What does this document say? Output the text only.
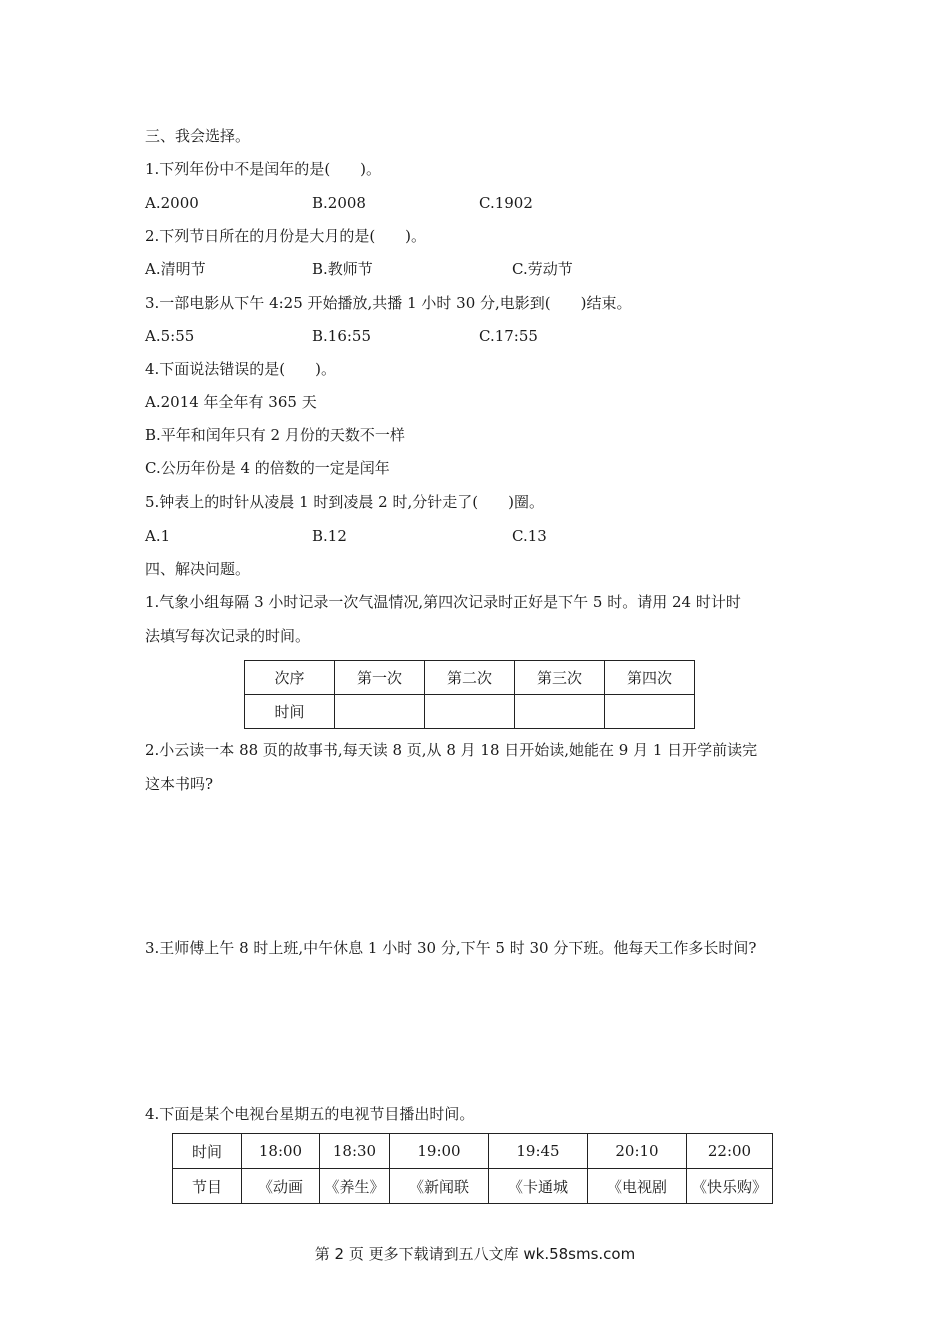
三、我会选择。
1.下列年份中不是闰年的是(　　)。
A.2000	B.2008	C.1902
2.下列节日所在的月份是大月的是(　　)。
A.清明节	B.教师节	C.劳动节
3.一部电影从下午 4:25 开始播放,共播 1 小时 30 分,电影到(　　)结束。
A.5:55	B.16:55	C.17:55
4.下面说法错误的是(　　)。
A.2014 年全年有 365 天
B.平年和闰年只有 2 月份的天数不一样
C.公历年份是 4 的倍数的一定是闰年
5.钟表上的时针从凌晨 1 时到凌晨 2 时,分针走了(　　)圈。
A.1	B.12	C.13
四、解决问题。
1.气象小组每隔 3 小时记录一次气温情况,第四次记录时正好是下午 5 时。请用 24 时计时
法填写每次记录的时间。
次序	第一次	第二次	第三次	第四次
时间				
2.小云读一本 88 页的故事书,每天读 8 页,从 8 月 18 日开始读,她能在 9 月 1 日开学前读完
这本书吗?
3.王师傅上午 8 时上班,中午休息 1 小时 30 分,下午 5 时 30 分下班。他每天工作多长时间?
4.下面是某个电视台星期五的电视节目播出时间。
时间	18:00	18:30	19:00	19:45	20:10	22:00
节目	《动画	《养生》	《新闻联	《卡通城	《电视剧	《快乐购》
第 2 页 更多下载请到五八文库 wk.58sms.com
